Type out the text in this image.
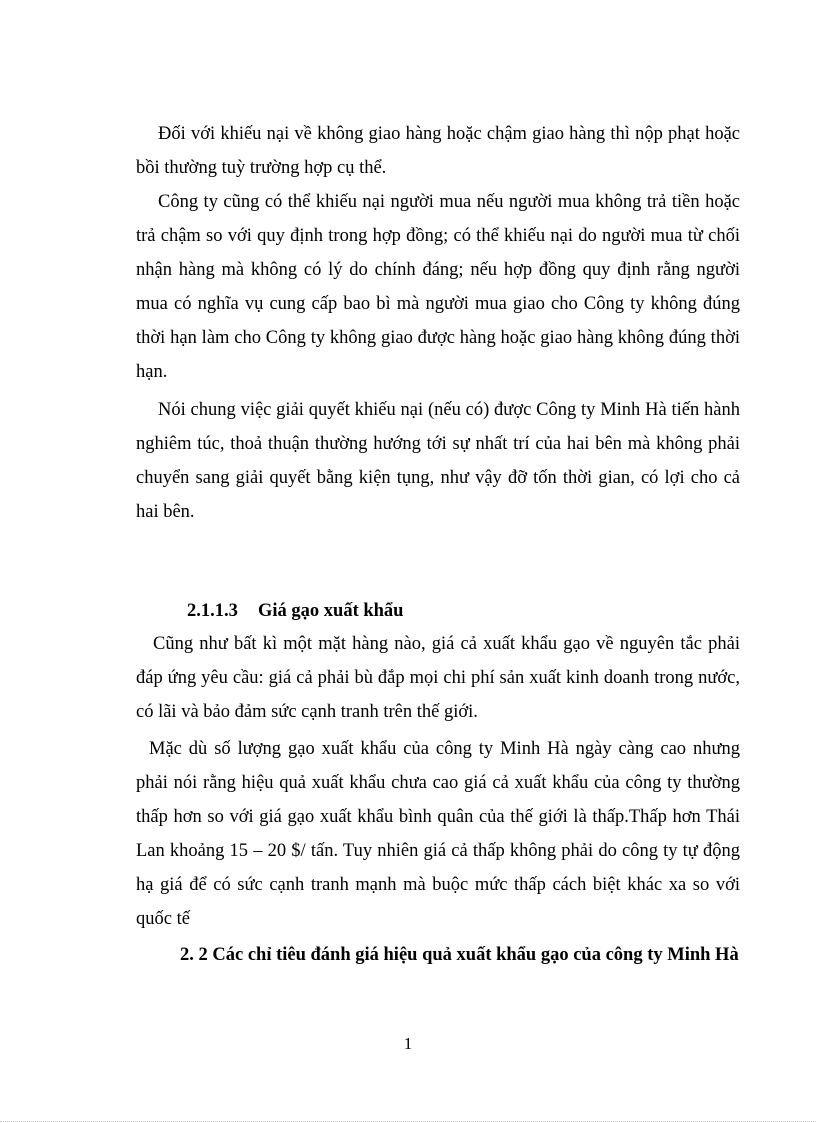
Đối với khiếu nại về không giao hàng hoặc chậm giao hàng thì nộp phạt hoặc bồi thường tuỳ trường hợp cụ thể.

Công ty cũng có thể khiếu nại người mua nếu người mua không trả tiền hoặc trả chậm so với quy định trong hợp đồng; có thể khiếu nại do người mua từ chối nhận hàng mà không có lý do chính đáng; nếu hợp đồng quy định rằng người mua có nghĩa vụ cung cấp bao bì mà người mua giao cho Công ty không đúng thời hạn làm cho Công ty không giao được hàng hoặc giao hàng không đúng thời hạn.

Nói chung việc giải quyết khiếu nại (nếu có) được Công ty Minh Hà tiến hành nghiêm túc, thoả thuận thường hướng tới sự nhất trí của hai bên mà không phải chuyển sang giải quyết bằng kiện tụng, như vậy đỡ tốn thời gian, có lợi cho cả hai bên.

2.1.1.3 Giá gạo xuất khẩu

Cũng như bất kì một mặt hàng nào, giá cả xuất khẩu gạo về nguyên tắc phải đáp ứng yêu cầu: giá cả phải bù đắp mọi chi phí sản xuất kinh doanh trong nước, có lãi và bảo đảm sức cạnh tranh trên thế giới.

Mặc dù số lượng gạo xuất khẩu của công ty Minh Hà ngày càng cao nhưng phải nói rằng hiệu quả xuất khẩu chưa cao giá cả xuất khẩu của công ty thường thấp hơn so với giá gạo xuất khẩu bình quân của thế giới là thấp.Thấp hơn Thái Lan khoảng 15 – 20 $/ tấn. Tuy nhiên giá cả thấp không phải do công ty tự động hạ giá để có sức cạnh tranh mạnh mà buộc mức thấp cách biệt khác xa so với quốc tế

2. 2 Các chỉ tiêu đánh giá hiệu quả xuất khẩu gạo của công ty Minh Hà

1
